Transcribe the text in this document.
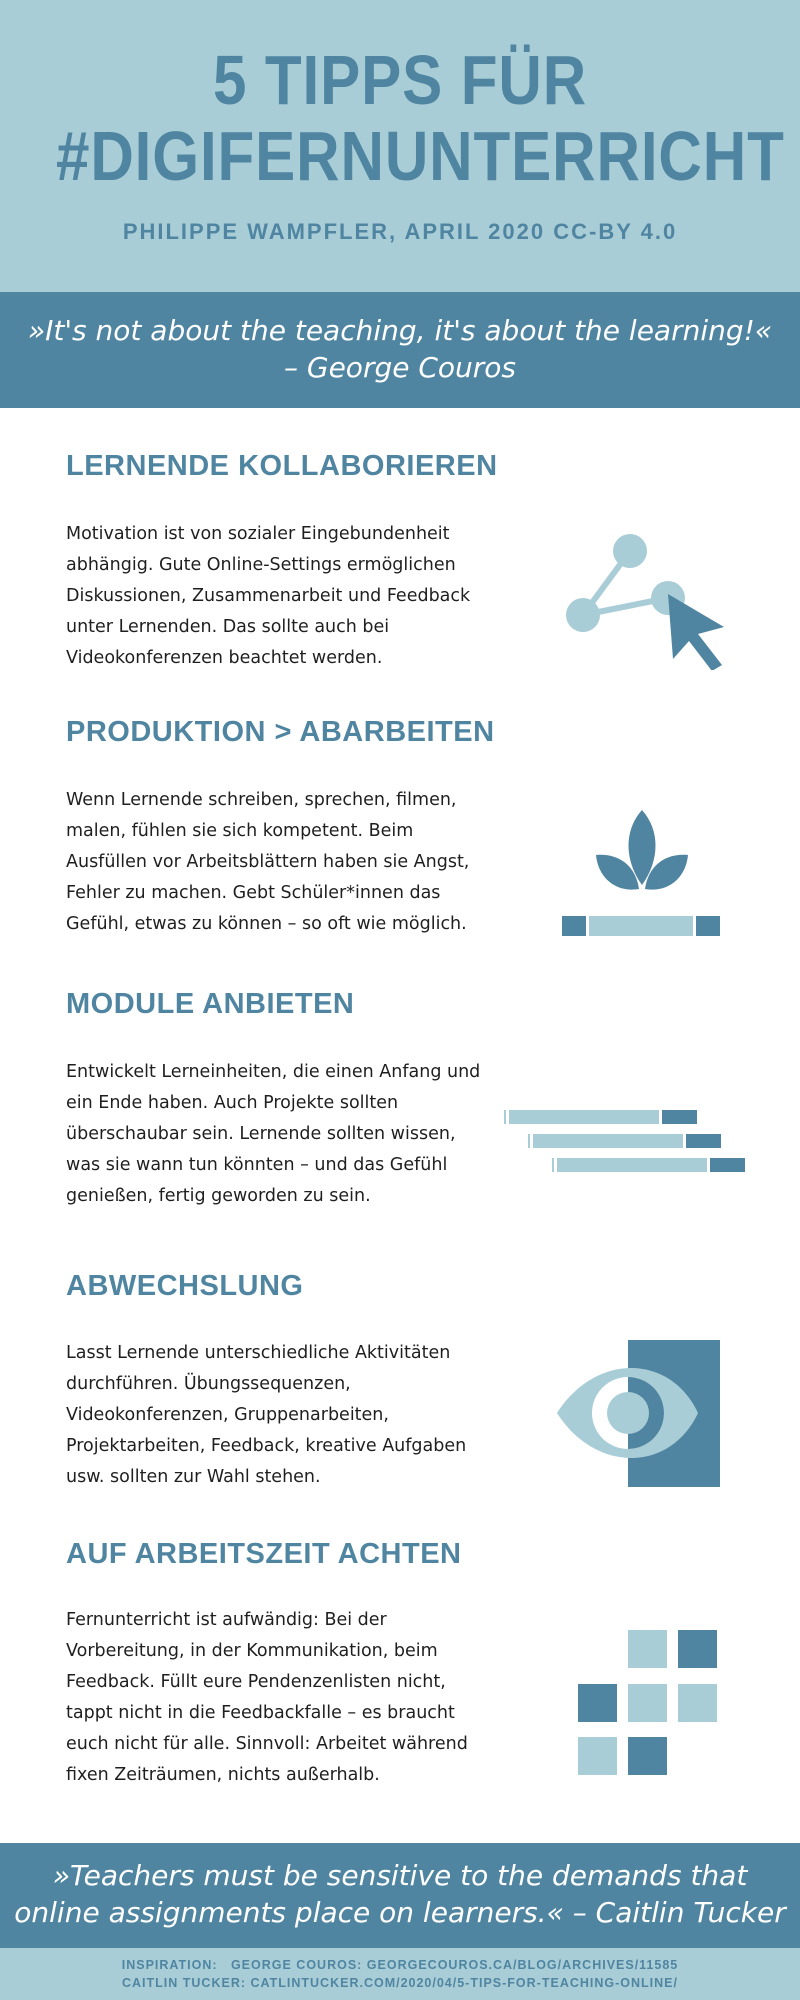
5 TIPPS FÜR
#DIGIFERNUNTERRICHT
PHILIPPE WAMPFLER, APRIL 2020 CC-BY 4.0
»It's not about the teaching, it's about the learning!« – George Couros
LERNENDE KOLLABORIEREN
Motivation ist von sozialer Eingebundenheit abhängig. Gute Online-Settings ermöglichen Diskussionen, Zusammenarbeit und Feedback unter Lernenden. Das sollte auch bei Videokonferenzen beachtet werden.
PRODUKTION > ABARBEITEN
Wenn Lernende schreiben, sprechen, filmen, malen, fühlen sie sich kompetent. Beim Ausfüllen vor Arbeitsblättern haben sie Angst, Fehler zu machen. Gebt Schüler*innen das Gefühl, etwas zu können – so oft wie möglich.
MODULE ANBIETEN
Entwickelt Lerneinheiten, die einen Anfang und ein Ende haben. Auch Projekte sollten überschaubar sein. Lernende sollten wissen, was sie wann tun könnten – und das Gefühl genießen, fertig geworden zu sein.
ABWECHSLUNG
Lasst Lernende unterschiedliche Aktivitäten durchführen. Übungssequenzen, Videokonferenzen, Gruppenarbeiten, Projektarbeiten, Feedback, kreative Aufgaben usw. sollten zur Wahl stehen.
AUF ARBEITSZEIT ACHTEN
Fernunterricht ist aufwändig: Bei der Vorbereitung, in der Kommunikation, beim Feedback. Füllt eure Pendenzenlisten nicht, tappt nicht in die Feedbackfalle – es braucht euch nicht für alle. Sinnvoll: Arbeitet während fixen Zeiträumen, nichts außerhalb.
»Teachers must be sensitive to the demands that online assignments place on learners.« – Caitlin Tucker
INSPIRATION:   GEORGE COUROS: GEORGECOUROS.CA/BLOG/ARCHIVES/11585
CAITLIN TUCKER: CATLINTUCKER.COM/2020/04/5-TIPS-FOR-TEACHING-ONLINE/
